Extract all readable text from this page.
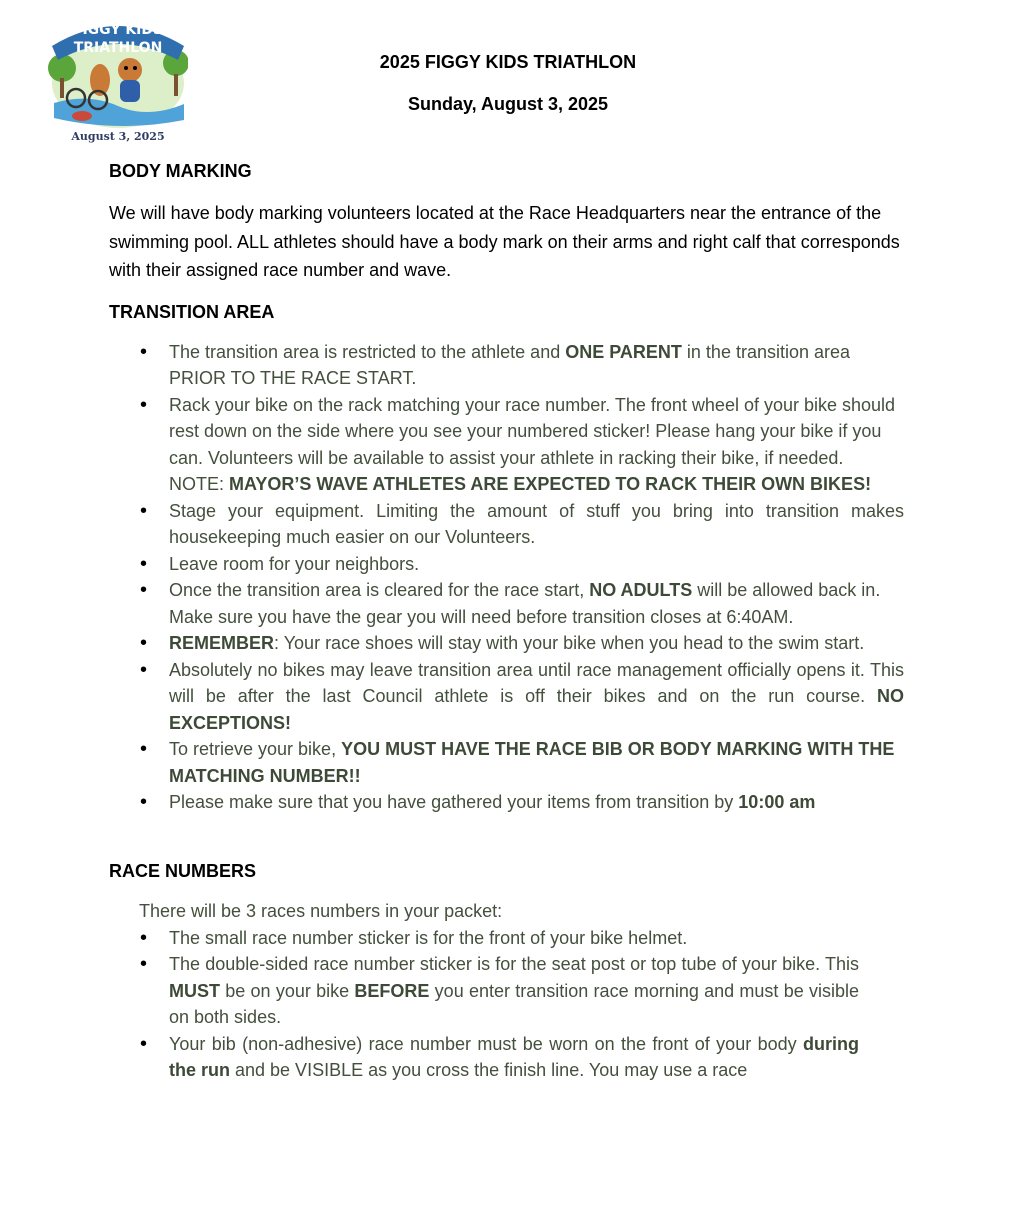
FIGGY KIDS
TRIATHLON
August 3, 2025
2025 FIGGY KIDS TRIATHLON
Sunday, August 3, 2025
BODY MARKING

We will have body marking volunteers located at the Race Headquarters near the entrance of the swimming pool. ALL athletes should have a body mark on their arms and right calf that corresponds with their assigned race number and wave.

TRANSITION AREA
• The transition area is restricted to the athlete and ONE PARENT in the transition area PRIOR TO THE RACE START.
• Rack your bike on the rack matching your race number. The front wheel of your bike should rest down on the side where you see your numbered sticker! Please hang your bike if you can. Volunteers will be available to assist your athlete in racking their bike, if needed.
NOTE: MAYOR’S WAVE ATHLETES ARE EXPECTED TO RACK THEIR OWN BIKES!
• Stage your equipment. Limiting the amount of stuff you bring into transition makes housekeeping much easier on our Volunteers.
• Leave room for your neighbors.
• Once the transition area is cleared for the race start, NO ADULTS will be allowed back in. Make sure you have the gear you will need before transition closes at 6:40AM.
• REMEMBER: Your race shoes will stay with your bike when you head to the swim start.
• Absolutely no bikes may leave transition area until race management officially opens it. This will be after the last Council athlete is off their bikes and on the run course. NO EXCEPTIONS!
• To retrieve your bike, YOU MUST HAVE THE RACE BIB OR BODY MARKING WITH THE MATCHING NUMBER!!
• Please make sure that you have gathered your items from transition by 10:00 am
RACE NUMBERS
There will be 3 races numbers in your packet:
• The small race number sticker is for the front of your bike helmet.
• The double-sided race number sticker is for the seat post or top tube of your bike. This MUST be on your bike BEFORE you enter transition race morning and must be visible on both sides.
• Your bib (non-adhesive) race number must be worn on the front of your body during the run and be VISIBLE as you cross the finish line. You may use a race
